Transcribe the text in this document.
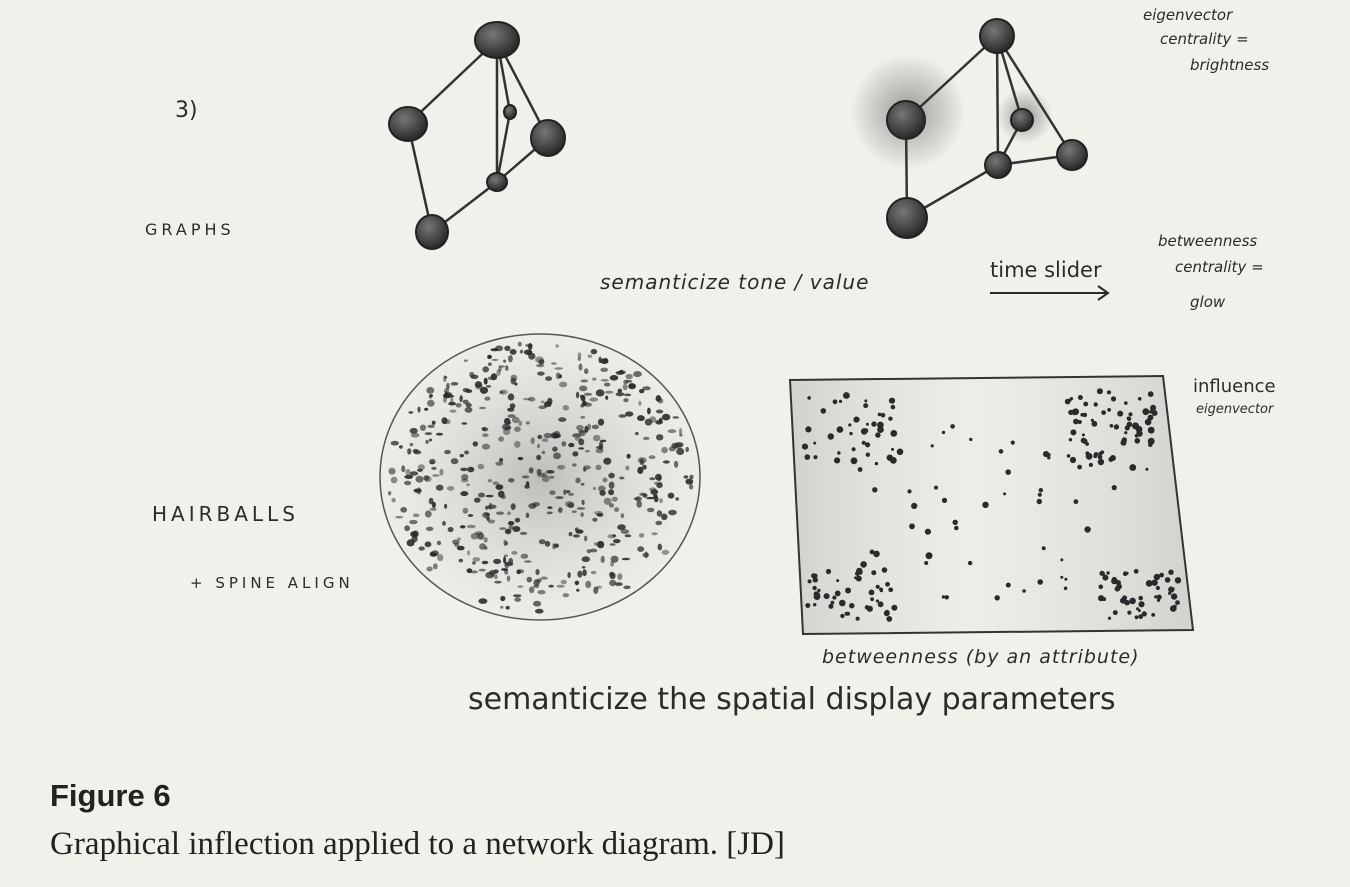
3)
GRAPHS
HAIRBALLS
+ SPINE ALIGN
semanticize tone / value	time slider
eigenvector
centrality =
brightness
betweenness
centrality =
glow
influence
eigenvector
betweenness (by an attribute)
semanticize the spatial display parameters
Figure 6
Graphical inflection applied to a network diagram. [JD]
